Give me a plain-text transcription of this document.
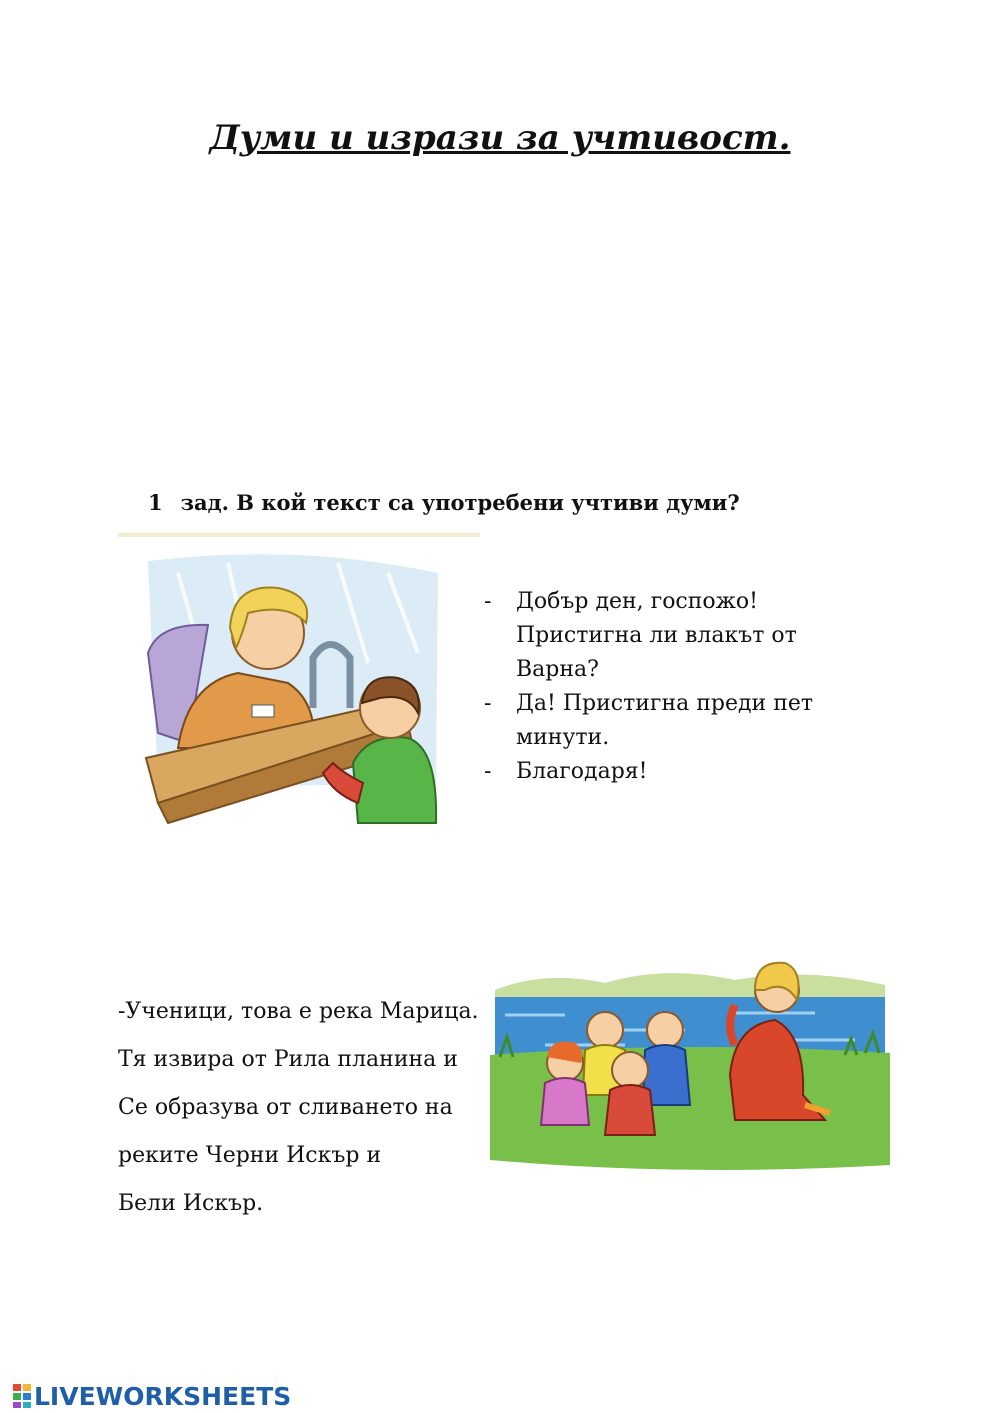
Думи и изрази за учтивост.
1 зад. В кой текст са употребени учтиви думи?
- Добър ден, госпожо!
Пристигна ли влакът от
Варна?
- Да! Пристигна преди пет
минути.
- Благодаря!
-Ученици, това е река Марица.
Тя извира от Рила планина и
Се образува от сливането на
реките Черни Искър и
Бели Искър.
LIVEWORKSHEETS
